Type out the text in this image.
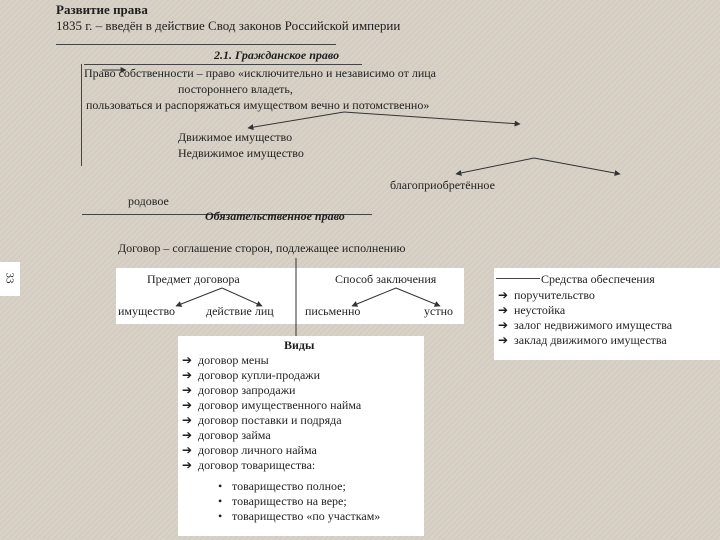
Развитие права
1835 г. – введён в действие Свод законов Российской империи
2.1. Гражданское право
Право собственности – право «исключительно и независимо от лица
постороннего владеть,
пользоваться и распоряжаться имуществом вечно и потомственно»
Движимое имущество
Недвижимое имущество
благоприобретённое
родовое
Обязательственное право
Договор – соглашение сторон, подлежащее исполнению
Предмет договора
имущество	действие лиц
Способ заключения
письменно	устно
Средства обеспечения
➔ поручительство
➔ неустойка
➔ залог недвижимого имущества
➔ заклад движимого имущества
Виды
➔ договор мены
➔ договор купли-продажи
➔ договор запродажи
➔ договор имущественного найма
➔ договор поставки и подряда
➔ договор займа
➔ договор личного найма
➔ договор товарищества:
• товарищество полное;
• товарищество на вере;
• товарищество «по участкам»
33
